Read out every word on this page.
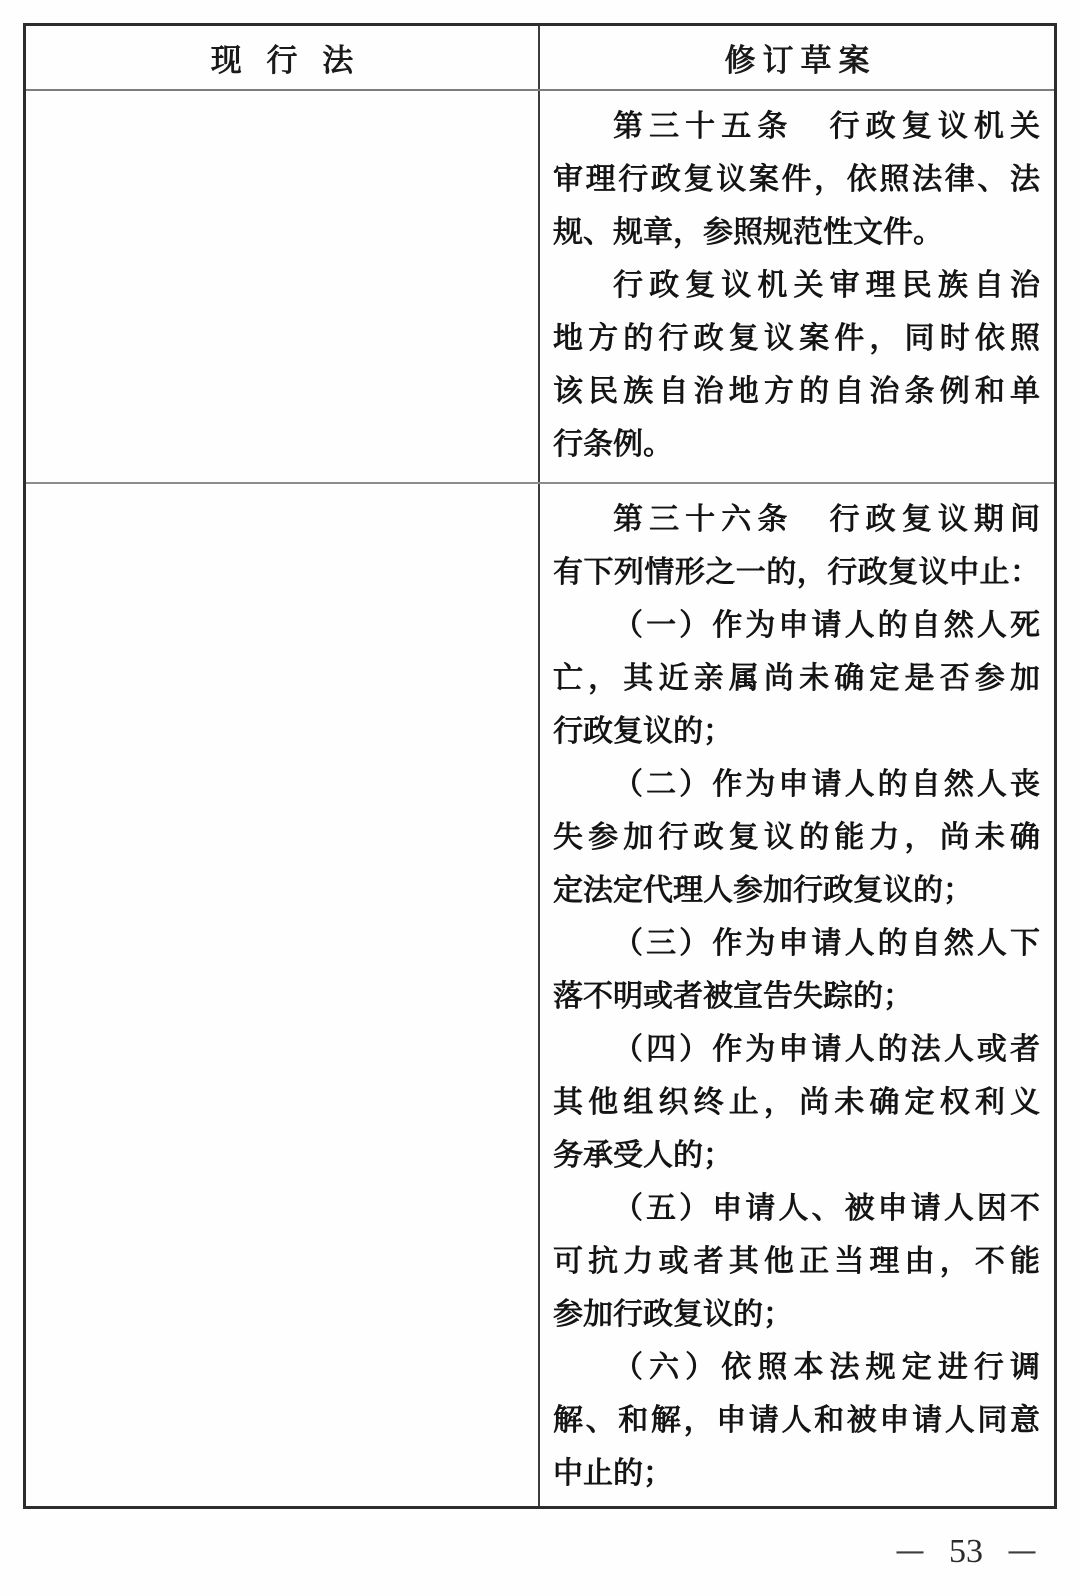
现 行 法	修订草案
第三十五条　行政复议机关
审理行政复议案件，依照法律、法
规、规章，参照规范性文件。
行政复议机关审理民族自治
地方的行政复议案件，同时依照
该民族自治地方的自治条例和单
行条例。
第三十六条　行政复议期间
有下列情形之一的，行政复议中止：
（一）作为申请人的自然人死
亡，其近亲属尚未确定是否参加
行政复议的；
（二）作为申请人的自然人丧
失参加行政复议的能力，尚未确
定法定代理人参加行政复议的；
（三）作为申请人的自然人下
落不明或者被宣告失踪的；
（四）作为申请人的法人或者
其他组织终止，尚未确定权利义
务承受人的；
（五）申请人、被申请人因不
可抗力或者其他正当理由，不能
参加行政复议的；
（六）依照本法规定进行调
解、和解，申请人和被申请人同意
中止的；
— 53 —
